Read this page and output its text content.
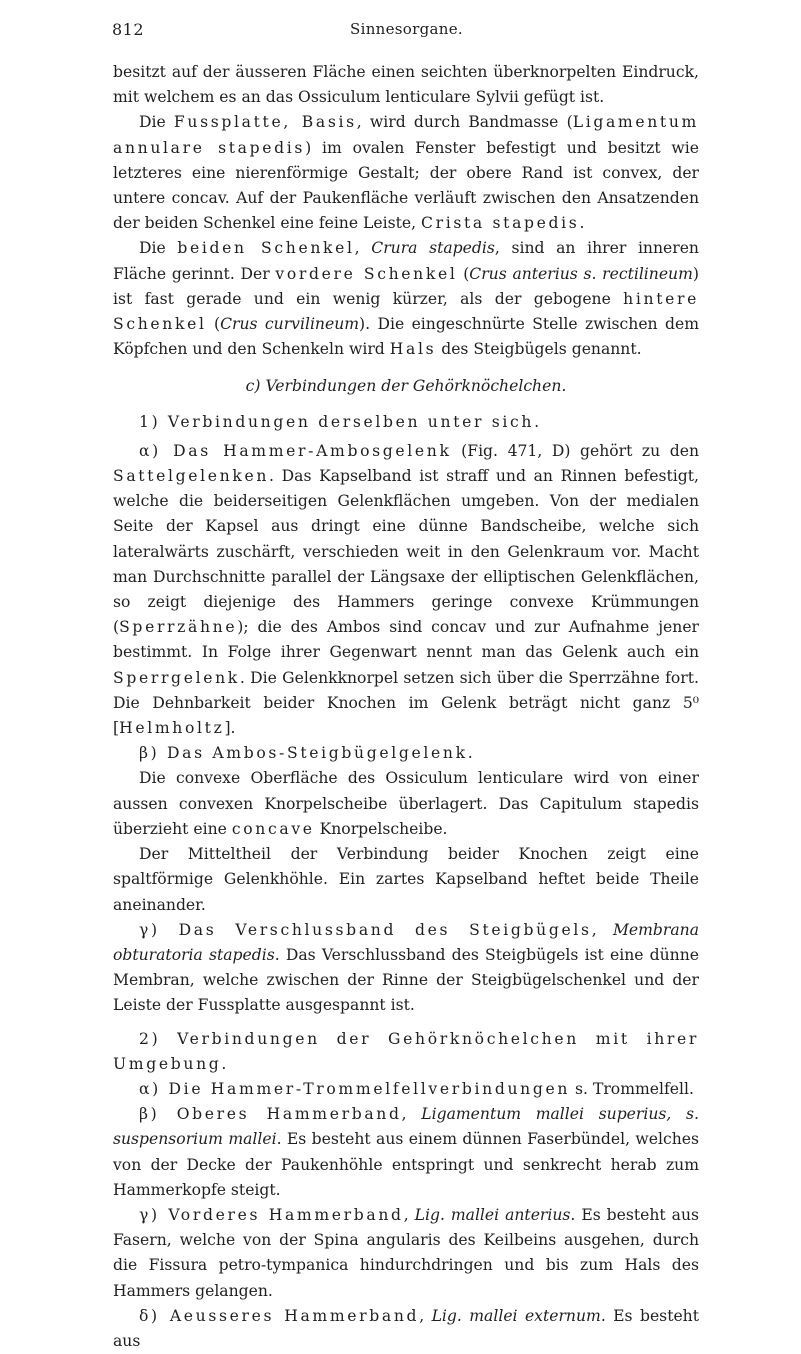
812	Sinnesorgane.

besitzt auf der äusseren Fläche einen seichten überknorpelten Eindruck, mit welchem es an das Ossiculum lenticulare Sylvii gefügt ist.

Die Fussplatte, Basis, wird durch Bandmasse (Ligamentum annulare stapedis) im ovalen Fenster befestigt und besitzt wie letzteres eine nierenförmige Gestalt; der obere Rand ist convex, der untere concav. Auf der Paukenfläche verläuft zwischen den Ansatzenden der beiden Schenkel eine feine Leiste, Crista stapedis.

Die beiden Schenkel, Crura stapedis, sind an ihrer inneren Fläche gerinnt. Der vordere Schenkel (Crus anterius s. rectilineum) ist fast gerade und ein wenig kürzer, als der gebogene hintere Schenkel (Crus curvilineum). Die eingeschnürte Stelle zwischen dem Köpfchen und den Schenkeln wird Hals des Steigbügels genannt.

c) Verbindungen der Gehörknöchelchen.

1) Verbindungen derselben unter sich.

α) Das Hammer-Ambosgelenk (Fig. 471, D) gehört zu den Sattelgelenken. Das Kapselband ist straff und an Rinnen befestigt, welche die beiderseitigen Gelenkflächen umgeben. Von der medialen Seite der Kapsel aus dringt eine dünne Bandscheibe, welche sich lateralwärts zuschärft, verschieden weit in den Gelenkraum vor. Macht man Durchschnitte parallel der Längsaxe der elliptischen Gelenkflächen, so zeigt diejenige des Hammers geringe convexe Krümmungen (Sperrzähne); die des Ambos sind concav und zur Aufnahme jener bestimmt. In Folge ihrer Gegenwart nennt man das Gelenk auch ein Sperrgelenk. Die Gelenkknorpel setzen sich über die Sperrzähne fort. Die Dehnbarkeit beider Knochen im Gelenk beträgt nicht ganz 5⁰ [Helmholtz].

β) Das Ambos-Steigbügelgelenk.

Die convexe Oberfläche des Ossiculum lenticulare wird von einer aussen convexen Knorpelscheibe überlagert. Das Capitulum stapedis überzieht eine concave Knorpelscheibe.

Der Mitteltheil der Verbindung beider Knochen zeigt eine spaltförmige Gelenkhöhle. Ein zartes Kapselband heftet beide Theile aneinander.

γ) Das Verschlussband des Steigbügels, Membrana obturatoria stapedis. Das Verschlussband des Steigbügels ist eine dünne Membran, welche zwischen der Rinne der Steigbügelschenkel und der Leiste der Fussplatte ausgespannt ist.

2) Verbindungen der Gehörknöchelchen mit ihrer Umgebung.

α) Die Hammer-Trommelfellverbindungen s. Trommelfell.

β) Oberes Hammerband, Ligamentum mallei superius, s. suspensorium mallei. Es besteht aus einem dünnen Faserbündel, welches von der Decke der Paukenhöhle entspringt und senkrecht herab zum Hammerkopfe steigt.

γ) Vorderes Hammerband, Lig. mallei anterius. Es besteht aus Fasern, welche von der Spina angularis des Keilbeins ausgehen, durch die Fissura petro-tympanica hindurchdringen und bis zum Hals des Hammers gelangen.

δ) Aeusseres Hammerband, Lig. mallei externum. Es besteht aus
